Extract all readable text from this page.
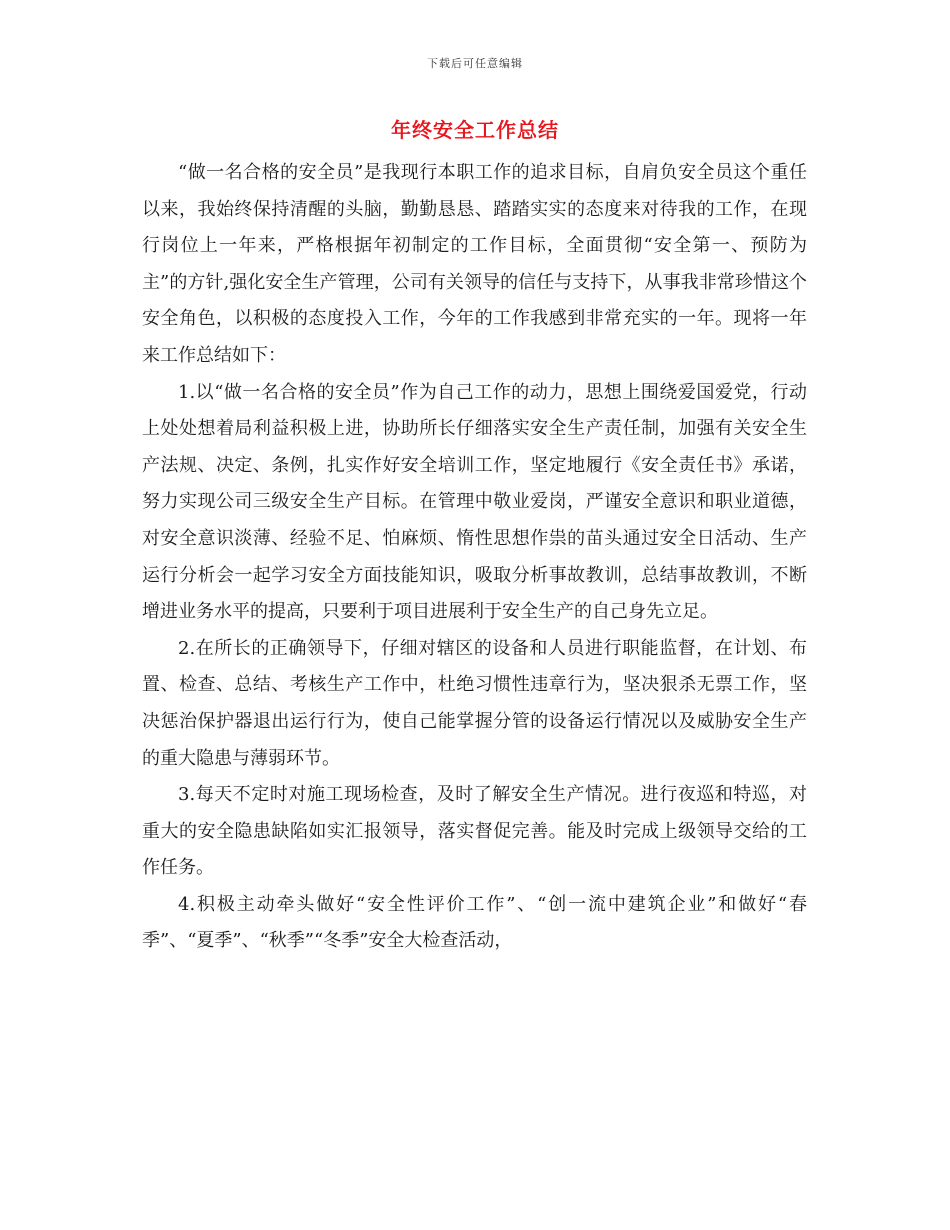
下载后可任意编辑
年终安全工作总结

“做一名合格的安全员”是我现行本职工作的追求目标，自肩负安全员这个重任以来，我始终保持清醒的头脑，勤勤恳恳、踏踏实实的态度来对待我的工作，在现行岗位上一年来，严格根据年初制定的工作目标，全面贯彻“安全第一、预防为主”的方针,强化安全生产管理，公司有关领导的信任与支持下，从事我非常珍惜这个安全角色，以积极的态度投入工作，今年的工作我感到非常充实的一年。现将一年来工作总结如下：

1.以“做一名合格的安全员”作为自己工作的动力，思想上围绕爱国爱党，行动上处处想着局利益积极上进，协助所长仔细落实安全生产责任制，加强有关安全生产法规、决定、条例，扎实作好安全培训工作，坚定地履行《安全责任书》承诺，努力实现公司三级安全生产目标。在管理中敬业爱岗，严谨安全意识和职业道德，对安全意识淡薄、经验不足、怕麻烦、惰性思想作祟的苗头通过安全日活动、生产运行分析会一起学习安全方面技能知识，吸取分析事故教训，总结事故教训，不断增进业务水平的提高，只要利于项目进展利于安全生产的自己身先立足。

2.在所长的正确领导下，仔细对辖区的设备和人员进行职能监督，在计划、布置、检查、总结、考核生产工作中，杜绝习惯性违章行为，坚决狠杀无票工作，坚决惩治保护器退出运行行为，使自己能掌握分管的设备运行情况以及威胁安全生产的重大隐患与薄弱环节。

3.每天不定时对施工现场检查，及时了解安全生产情况。进行夜巡和特巡，对重大的安全隐患缺陷如实汇报领导，落实督促完善。能及时完成上级领导交给的工作任务。

4.积极主动牵头做好“安全性评价工作”、“创一流中建筑企业”和做好“春季”、“夏季”、“秋季”“冬季”安全大检查活动，
